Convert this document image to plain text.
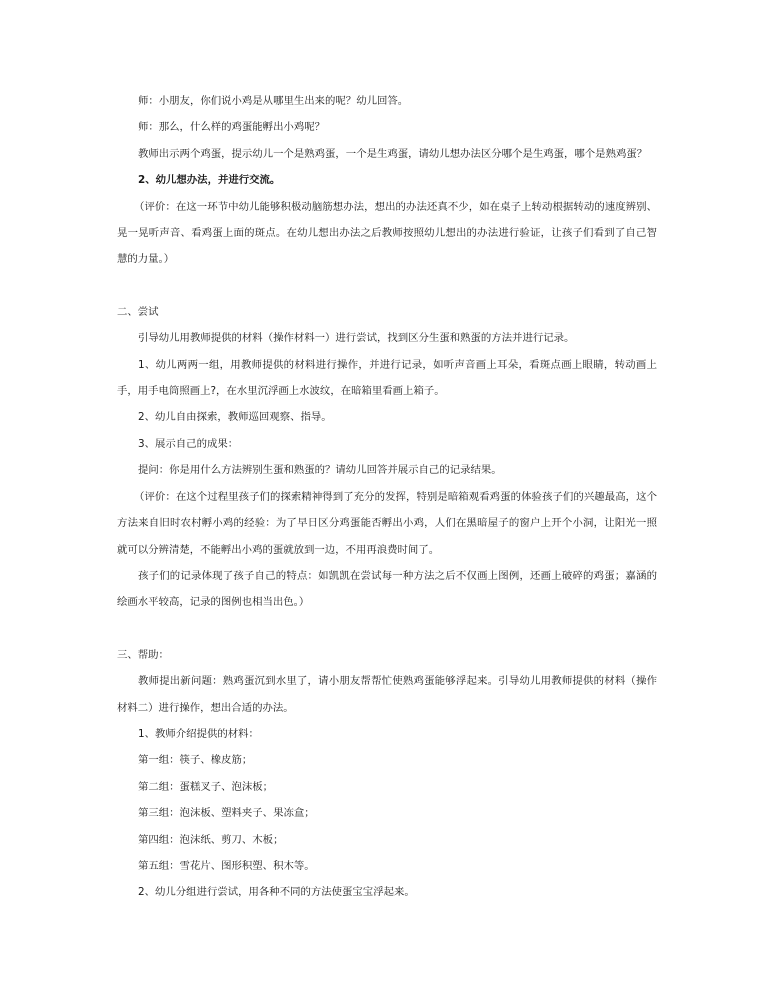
师：小朋友，你们说小鸡是从哪里生出来的呢？幼儿回答。

师：那么，什么样的鸡蛋能孵出小鸡呢？

教师出示两个鸡蛋，提示幼儿一个是熟鸡蛋，一个是生鸡蛋，请幼儿想办法区分哪个是生鸡蛋，哪个是熟鸡蛋？

2、幼儿想办法，并进行交流。

（评价：在这一环节中幼儿能够积极动脑筋想办法，想出的办法还真不少，如在桌子上转动根据转动的速度辨别、晃一晃听声音、看鸡蛋上面的斑点。在幼儿想出办法之后教师按照幼儿想出的办法进行验证，让孩子们看到了自己智慧的力量。）

二、尝试

引导幼儿用教师提供的材料（操作材料一）进行尝试，找到区分生蛋和熟蛋的方法并进行记录。

1、幼儿两两一组，用教师提供的材料进行操作，并进行记录，如听声音画上耳朵，看斑点画上眼睛，转动画上手，用手电筒照画上?，在水里沉浮画上水波纹，在暗箱里看画上箱子。

2、幼儿自由探索，教师巡回观察、指导。

3、展示自己的成果：

提问：你是用什么方法辨别生蛋和熟蛋的？请幼儿回答并展示自己的记录结果。

（评价：在这个过程里孩子们的探索精神得到了充分的发挥，特别是暗箱观看鸡蛋的体验孩子们的兴趣最高，这个方法来自旧时农村孵小鸡的经验：为了早日区分鸡蛋能否孵出小鸡，人们在黑暗屋子的窗户上开个小洞，让阳光一照就可以分辨清楚，不能孵出小鸡的蛋就放到一边，不用再浪费时间了。

孩子们的记录体现了孩子自己的特点：如凯凯在尝试每一种方法之后不仅画上图例，还画上破碎的鸡蛋；嘉涵的绘画水平较高，记录的图例也相当出色。）

三、帮助：

教师提出新问题：熟鸡蛋沉到水里了，请小朋友帮帮忙使熟鸡蛋能够浮起来。引导幼儿用教师提供的材料（操作材料二）进行操作，想出合适的办法。

1、教师介绍提供的材料：

第一组：筷子、橡皮筋；

第二组：蛋糕叉子、泡沫板；

第三组：泡沫板、塑料夹子、果冻盒；

第四组：泡沫纸、剪刀、木板；

第五组：雪花片、图形积塑、积木等。

2、幼儿分组进行尝试，用各种不同的方法使蛋宝宝浮起来。
